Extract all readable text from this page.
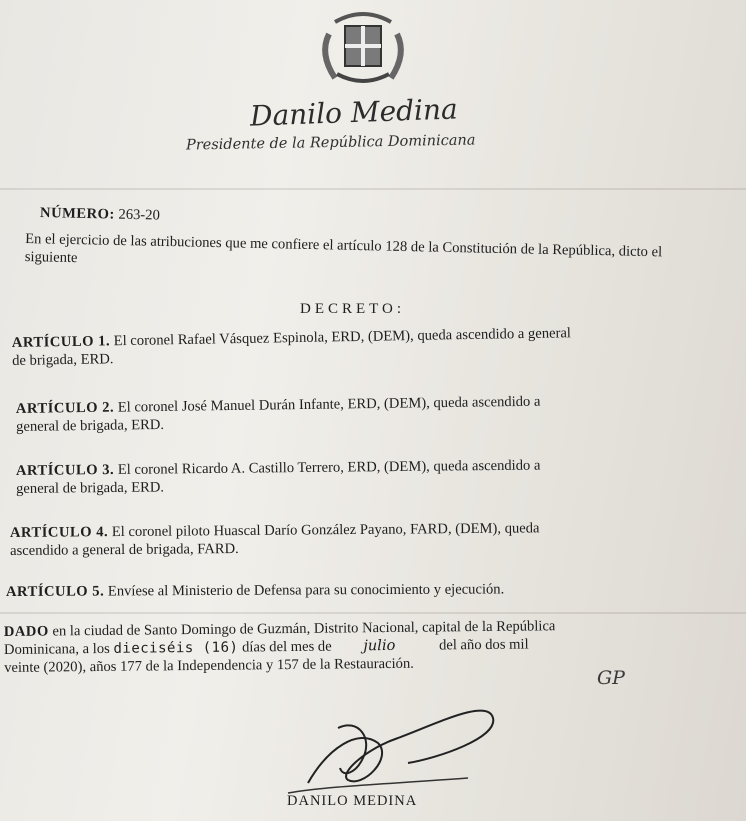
Danilo Medina
Presidente de la República Dominicana
NÚMERO: 263-20
En el ejercicio de las atribuciones que me confiere el artículo 128 de la Constitución de la República, dicto el siguiente
DECRETO:
ARTÍCULO 1. El coronel Rafael Vásquez Espinola, ERD, (DEM), queda ascendido a general
de brigada, ERD.
ARTÍCULO 2. El coronel José Manuel Durán Infante, ERD, (DEM), queda ascendido a
general de brigada, ERD.
ARTÍCULO 3. El coronel Ricardo A. Castillo Terrero, ERD, (DEM), queda ascendido a
general de brigada, ERD.
ARTÍCULO 4. El coronel piloto Huascal Darío González Payano, FARD, (DEM), queda
ascendido a general de brigada, FARD.
ARTÍCULO 5. Envíese al Ministerio de Defensa para su conocimiento y ejecución.
DADO en la ciudad de Santo Domingo de Guzmán, Distrito Nacional, capital de la República
Dominicana, a los dieciséis (16) días del mes de julio	del año dos mil
veinte (2020), años 177 de la Independencia y 157 de la Restauración.
GP
DANILO MEDINA
